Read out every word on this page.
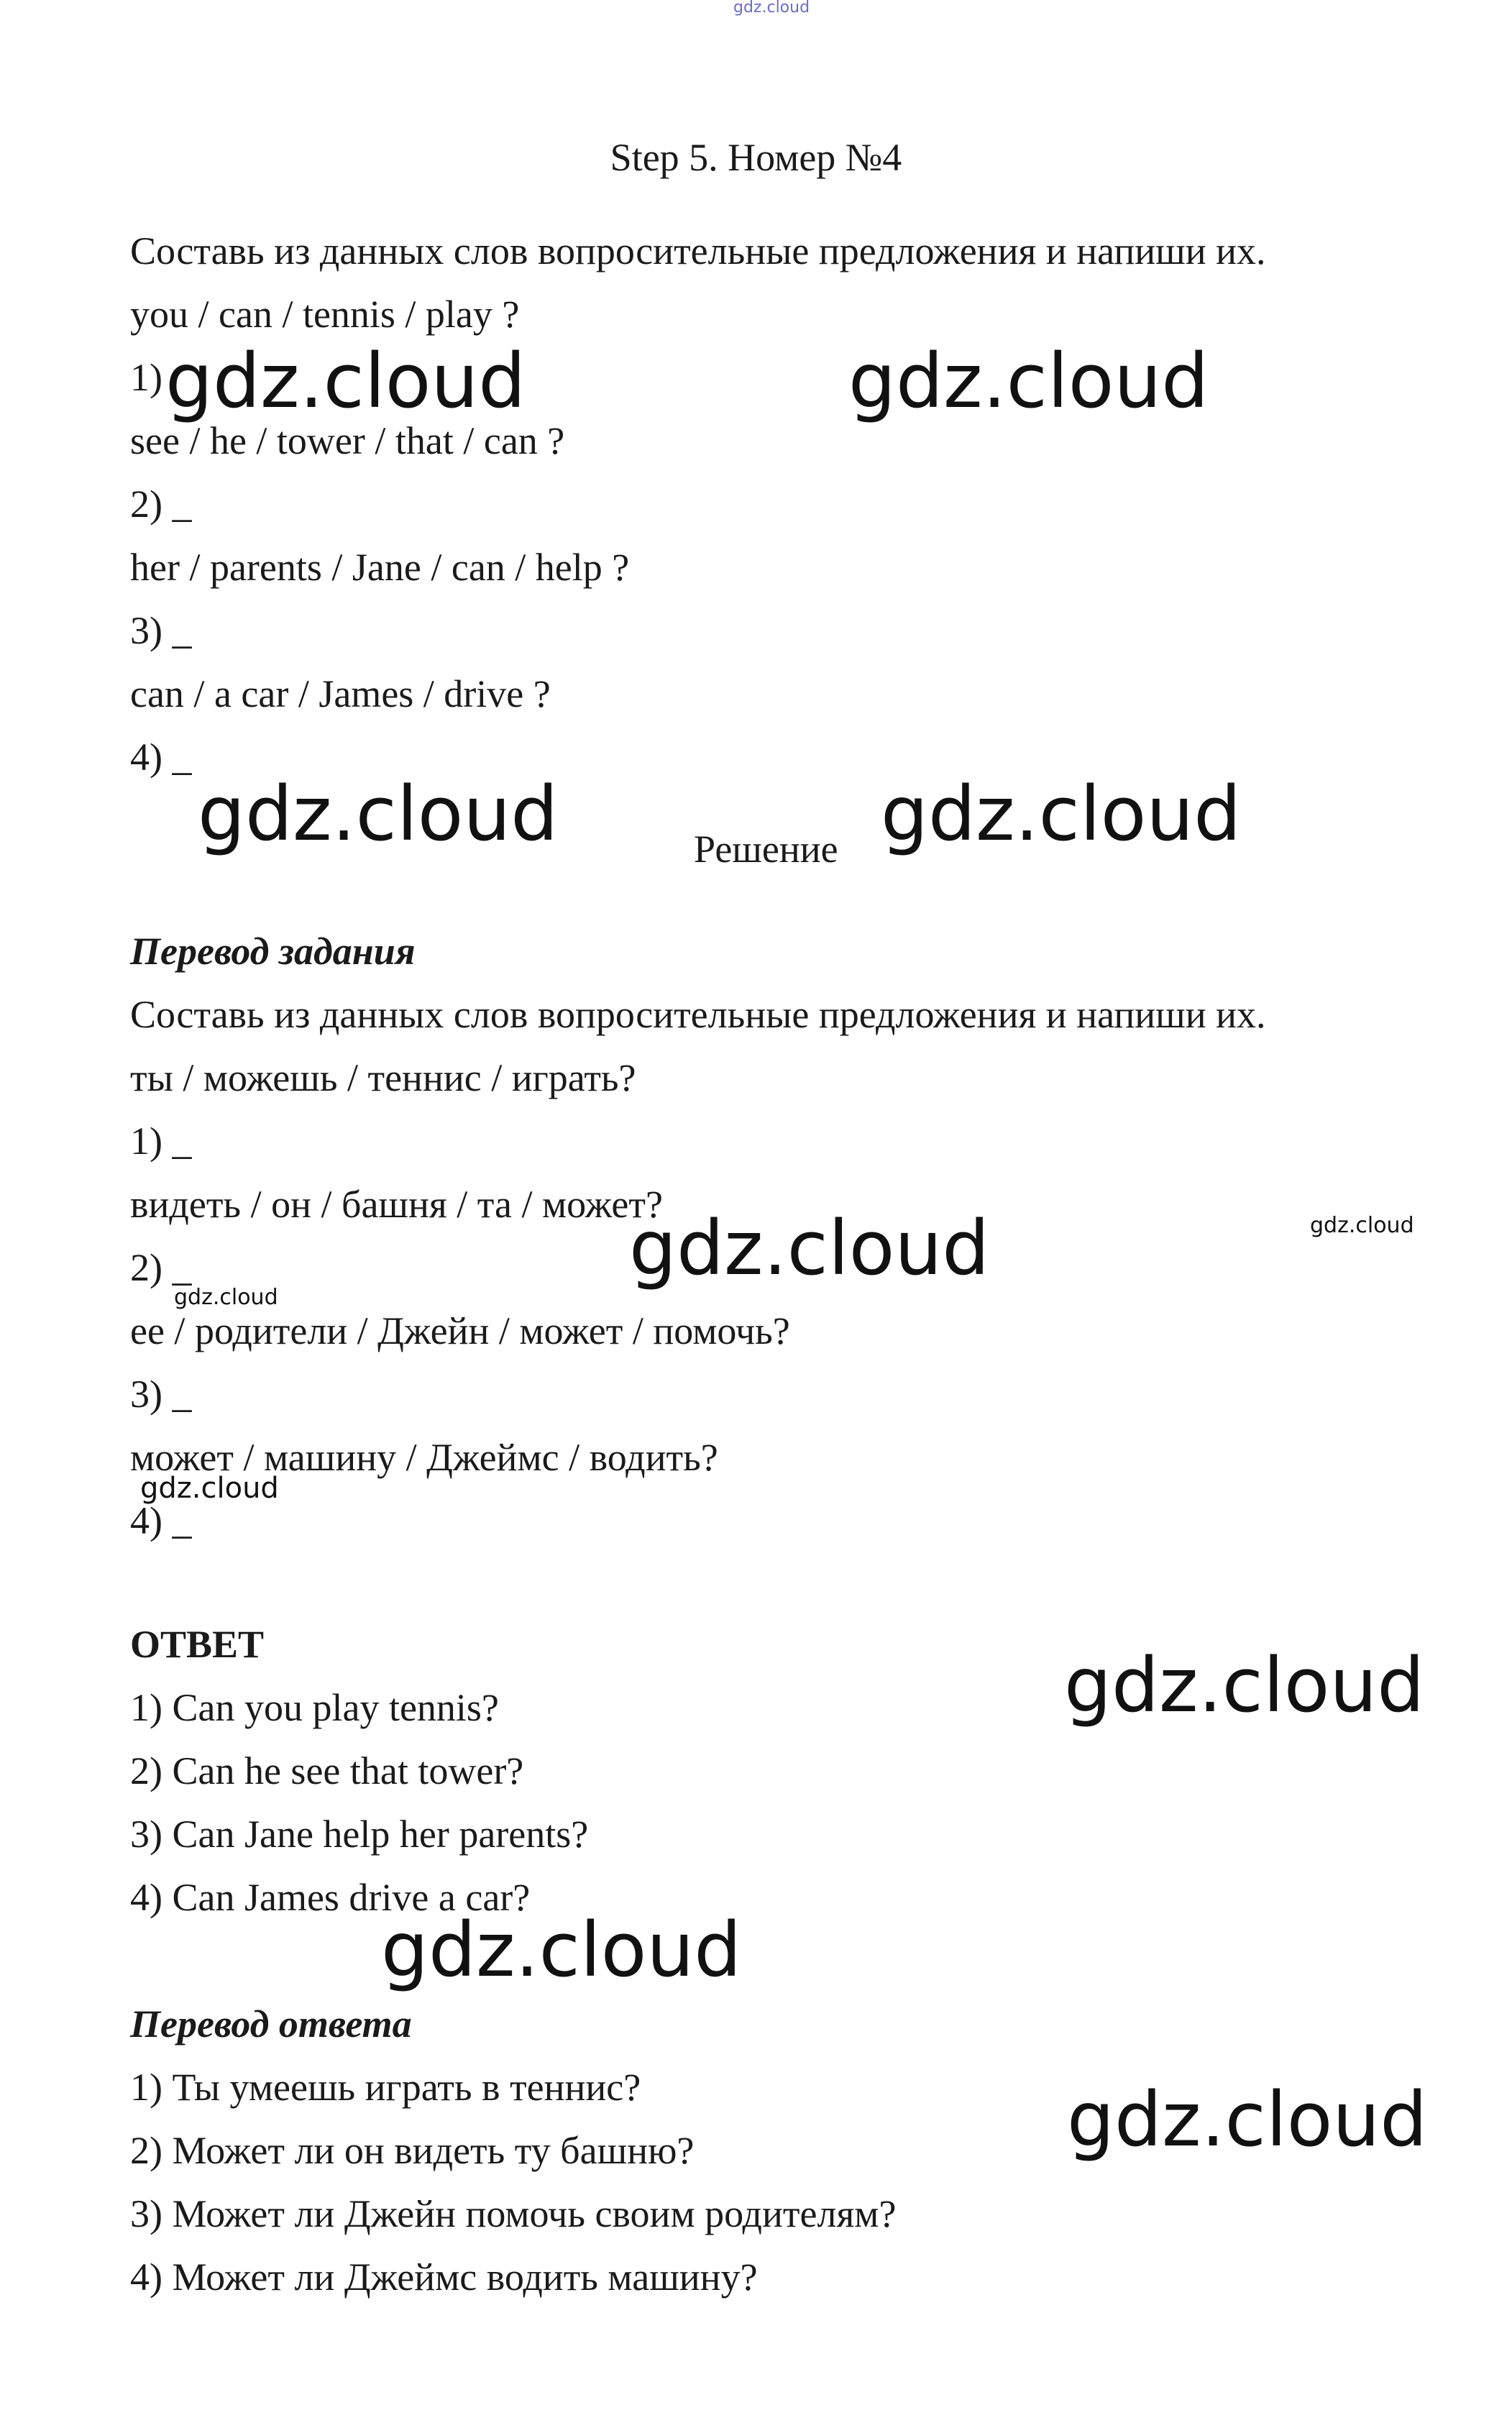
gdz.cloud
Step 5. Номер №4
Составь из данных слов вопросительные предложения и напиши их.
you / can / tennis / play ?
1)
see / he / tower / that / can ?
2) _
her / parents / Jane / can / help ?
3) _
can / a car / James / drive ?
4) _
Решение
Перевод задания
Составь из данных слов вопросительные предложения и напиши их.
ты / можешь / теннис / играть?
1) _
видеть / он / башня / та / может?
2) _
ее / родители / Джейн / может / помочь?
3) _
может / машину / Джеймс / водить?
4) _
ОТВЕТ
1) Can you play tennis?
2) Can he see that tower?
3) Can Jane help her parents?
4) Can James drive a car?
Перевод ответа
1) Ты умеешь играть в теннис?
2) Может ли он видеть ту башню?
3) Может ли Джейн помочь своим родителям?
4) Может ли Джеймс водить машину?
gdz.cloud	gdz.cloud
gdz.cloud	gdz.cloud
gdz.cloud
gdz.cloud
gdz.cloud
gdz.cloud
gdz.cloud
gdz.cloud
gdz.cloud
